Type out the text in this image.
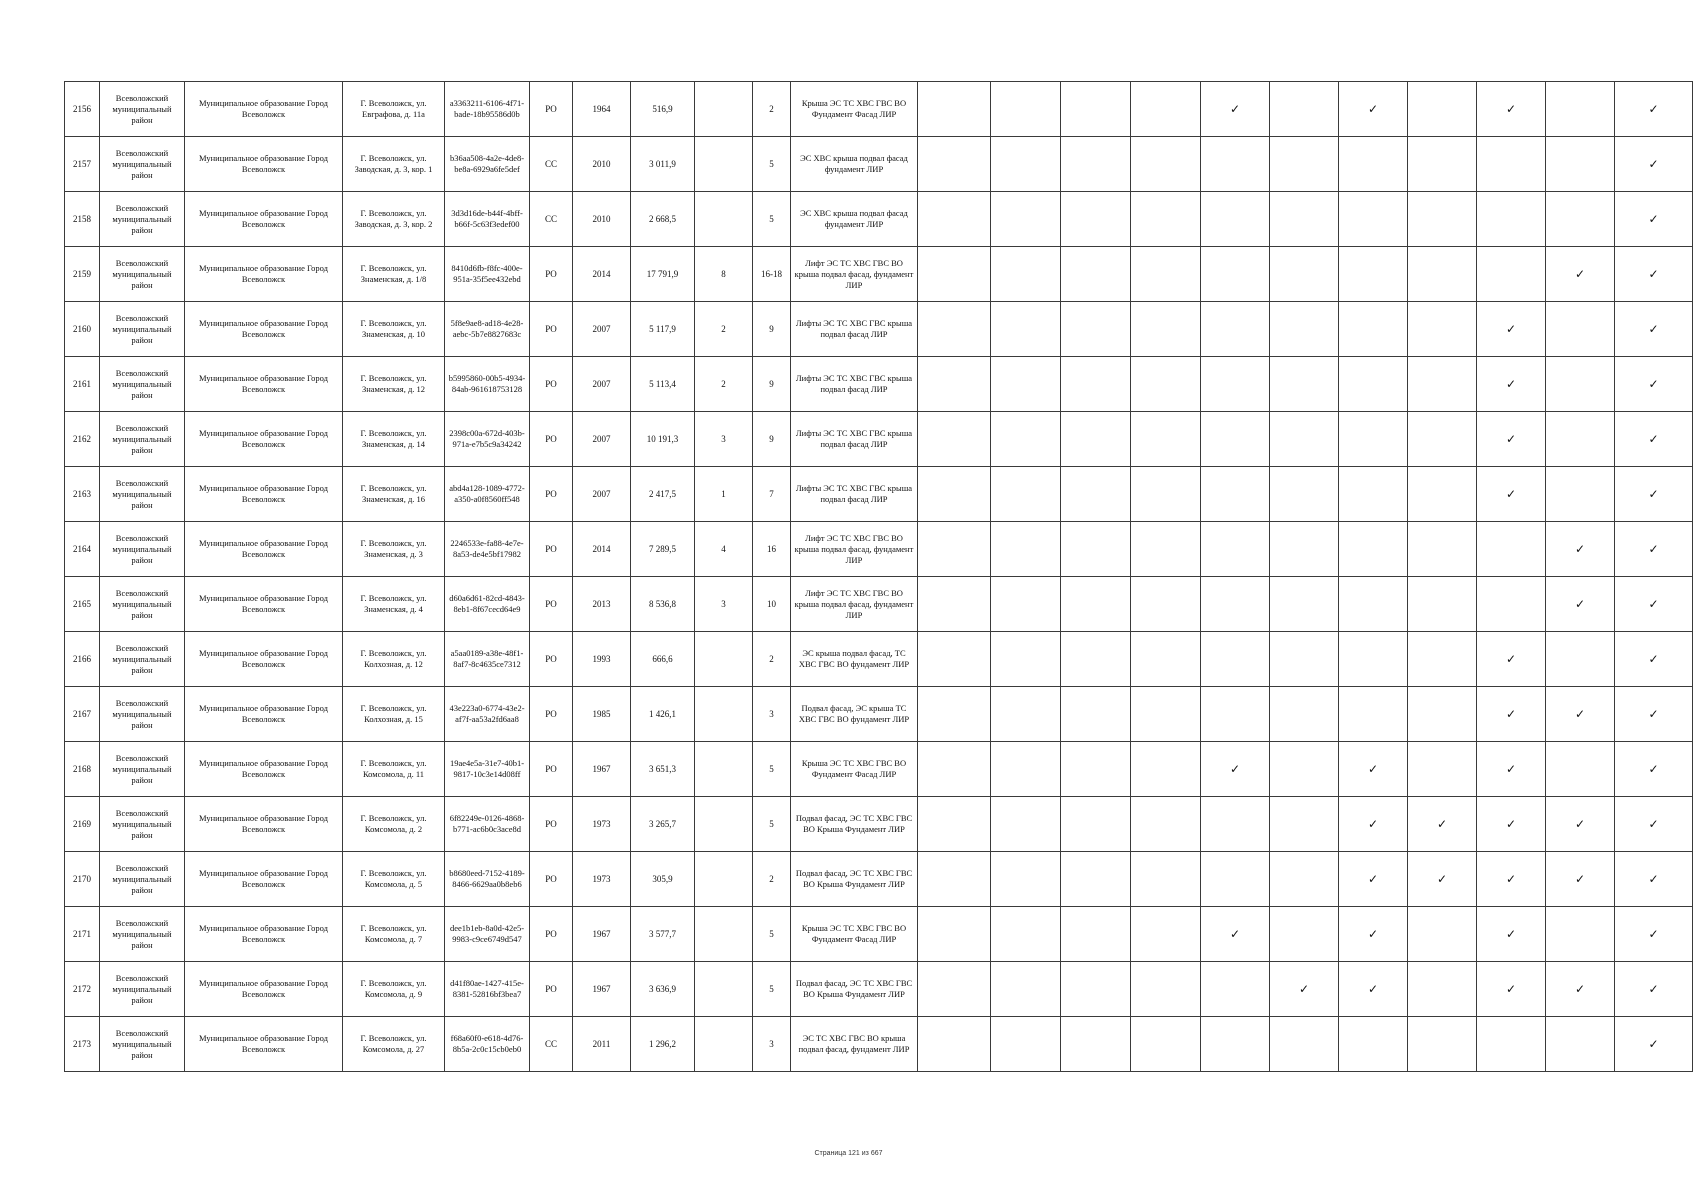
2156	Всеволожский муниципальный район	Муниципальное образование Город Всеволожск	Г. Всеволожск, ул. Евграфова, д. 11а	a3363211-6106-4f71-bade-18b95586d0b	РО	1964	516,9		2	Крыша ЭС ТС ХВС ГВС ВО Фундамент Фасад ЛИР					✓		✓		✓		✓
2157	Всеволожский муниципальный район	Муниципальное образование Город Всеволожск	Г. Всеволожск, ул. Заводская, д. 3, кор. 1	b36aa508-4a2e-4de8-be8a-6929a6fe5def	СС	2010	3 011,9		5	ЭС ХВС крыша подвал фасад фундамент ЛИР											✓
2158	Всеволожский муниципальный район	Муниципальное образование Город Всеволожск	Г. Всеволожск, ул. Заводская, д. 3, кор. 2	3d3d16de-b44f-4bff-b66f-5c63f3edef00	СС	2010	2 668,5		5	ЭС ХВС крыша подвал фасад фундамент ЛИР											✓
2159	Всеволожский муниципальный район	Муниципальное образование Город Всеволожск	Г. Всеволожск, ул. Знаменская, д. 1/8	8410d6fb-f8fc-400e-951a-35f5ee432ebd	РО	2014	17 791,9	8	16-18	Лифт ЭС ТС ХВС ГВС ВО крыша подвал фасад, фундамент ЛИР										✓	✓
2160	Всеволожский муниципальный район	Муниципальное образование Город Всеволожск	Г. Всеволожск, ул. Знаменская, д. 10	5f8e9ae8-ad18-4e28-aebc-5b7e8827683c	РО	2007	5 117,9	2	9	Лифты ЭС ТС ХВС ГВС крыша подвал фасад ЛИР									✓		✓
2161	Всеволожский муниципальный район	Муниципальное образование Город Всеволожск	Г. Всеволожск, ул. Знаменская, д. 12	b5995860-00b5-4934-84ab-961618753128	РО	2007	5 113,4	2	9	Лифты ЭС ТС ХВС ГВС крыша подвал фасад ЛИР									✓		✓
2162	Всеволожский муниципальный район	Муниципальное образование Город Всеволожск	Г. Всеволожск, ул. Знаменская, д. 14	2398c00a-672d-403b-971a-e7b5c9a34242	РО	2007	10 191,3	3	9	Лифты ЭС ТС ХВС ГВС крыша подвал фасад ЛИР									✓		✓
2163	Всеволожский муниципальный район	Муниципальное образование Город Всеволожск	Г. Всеволожск, ул. Знаменская, д. 16	abd4a128-1089-4772-a350-a0f8560ff548	РО	2007	2 417,5	1	7	Лифты ЭС ТС ХВС ГВС крыша подвал фасад ЛИР									✓		✓
2164	Всеволожский муниципальный район	Муниципальное образование Город Всеволожск	Г. Всеволожск, ул. Знаменская, д. 3	2246533e-fa88-4e7e-8a53-de4e5bf17982	РО	2014	7 289,5	4	16	Лифт ЭС ТС ХВС ГВС ВО крыша подвал фасад, фундамент ЛИР										✓	✓
2165	Всеволожский муниципальный район	Муниципальное образование Город Всеволожск	Г. Всеволожск, ул. Знаменская, д. 4	d60a6d61-82cd-4843-8eb1-8f67cecd64e9	РО	2013	8 536,8	3	10	Лифт ЭС ТС ХВС ГВС ВО крыша подвал фасад, фундамент ЛИР										✓	✓
2166	Всеволожский муниципальный район	Муниципальное образование Город Всеволожск	Г. Всеволожск, ул. Колхозная, д. 12	a5aa0189-a38e-48f1-8af7-8c4635ce7312	РО	1993	666,6		2	ЭС крыша подвал фасад, ТС ХВС ГВС ВО фундамент ЛИР									✓		✓
2167	Всеволожский муниципальный район	Муниципальное образование Город Всеволожск	Г. Всеволожск, ул. Колхозная, д. 15	43e223a0-6774-43e2-af7f-aa53a2fd6aa8	РО	1985	1 426,1		3	Подвал фасад, ЭС крыша ТС ХВС ГВС ВО фундамент ЛИР									✓	✓	✓
2168	Всеволожский муниципальный район	Муниципальное образование Город Всеволожск	Г. Всеволожск, ул. Комсомола, д. 11	19ae4e5a-31e7-40b1-9817-10c3e14d08ff	РО	1967	3 651,3		5	Крыша ЭС ТС ХВС ГВС ВО Фундамент Фасад ЛИР					✓		✓		✓		✓
2169	Всеволожский муниципальный район	Муниципальное образование Город Всеволожск	Г. Всеволожск, ул. Комсомола, д. 2	6f82249e-0126-4868-b771-ac6b0c3ace8d	РО	1973	3 265,7		5	Подвал фасад, ЭС ТС ХВС ГВС ВО Крыша Фундамент ЛИР							✓	✓	✓	✓	✓
2170	Всеволожский муниципальный район	Муниципальное образование Город Всеволожск	Г. Всеволожск, ул. Комсомола, д. 5	b8680eed-7152-4189-8466-6629aa0b8eb6	РО	1973	305,9		2	Подвал фасад, ЭС ТС ХВС ГВС ВО Крыша Фундамент ЛИР							✓	✓	✓	✓	✓
2171	Всеволожский муниципальный район	Муниципальное образование Город Всеволожск	Г. Всеволожск, ул. Комсомола, д. 7	dee1b1eb-8a0d-42e5-9983-c9ce6749d547	РО	1967	3 577,7		5	Крыша ЭС ТС ХВС ГВС ВО Фундамент Фасад ЛИР					✓		✓		✓		✓
2172	Всеволожский муниципальный район	Муниципальное образование Город Всеволожск	Г. Всеволожск, ул. Комсомола, д. 9	d41f80ae-1427-415e-8381-52816bf3bea7	РО	1967	3 636,9		5	Подвал фасад, ЭС ТС ХВС ГВС ВО Крыша Фундамент ЛИР						✓	✓		✓	✓	✓
2173	Всеволожский муниципальный район	Муниципальное образование Город Всеволожск	Г. Всеволожск, ул. Комсомола, д. 27	f68a60f0-e618-4d76-8b5a-2c0c15cb0eb0	СС	2011	1 296,2		3	ЭС ТС ХВС ГВС ВО крыша подвал фасад, фундамент ЛИР											✓
Страница 121 из 667
